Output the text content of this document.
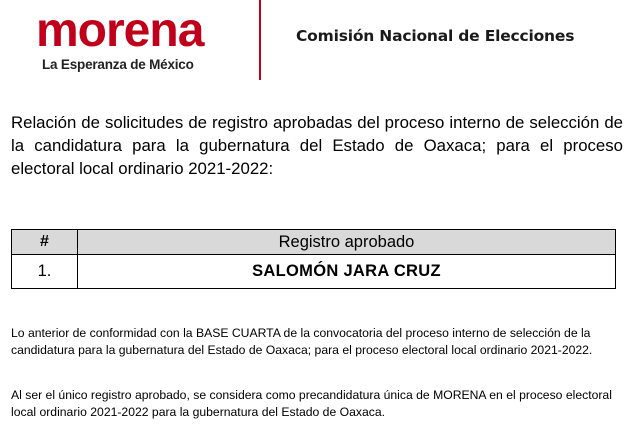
morena
La Esperanza de México
Comisión Nacional de Elecciones

Relación de solicitudes de registro aprobadas del proceso interno de selección de la candidatura para la gubernatura del Estado de Oaxaca; para el proceso electoral local ordinario 2021-2022:

#	Registro aprobado
1.	SALOMÓN JARA CRUZ

Lo anterior de conformidad con la BASE CUARTA de la convocatoria del proceso interno de selección de la candidatura para la gubernatura del Estado de Oaxaca; para el proceso electoral local ordinario 2021-2022.

Al ser el único registro aprobado, se considera como precandidatura única de MORENA en el proceso electoral local ordinario 2021-2022 para la gubernatura del Estado de Oaxaca.
